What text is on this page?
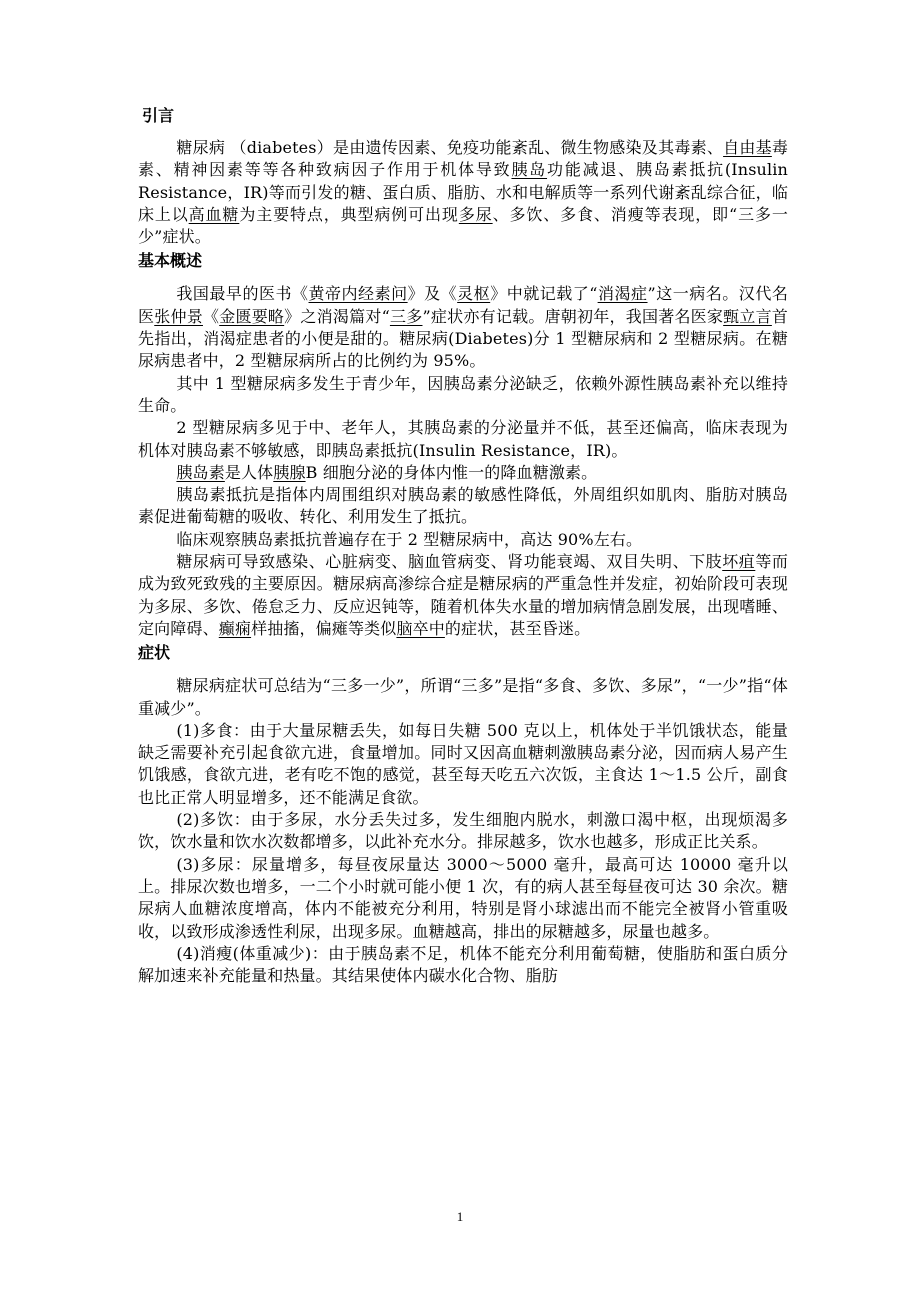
引言

糖尿病 （diabetes）是由遗传因素、免疫功能紊乱、微生物感染及其毒素、自由基毒素、精神因素等等各种致病因子作用于机体导致胰岛功能减退、胰岛素抵抗(Insulin Resistance，IR)等而引发的糖、蛋白质、脂肪、水和电解质等一系列代谢紊乱综合征，临床上以高血糖为主要特点，典型病例可出现多尿、多饮、多食、消瘦等表现，即“三多一少”症状。

基本概述

我国最早的医书《黄帝内经素问》及《灵枢》中就记载了“消渴症”这一病名。汉代名医张仲景《金匮要略》之消渴篇对“三多”症状亦有记载。唐朝初年，我国著名医家甄立言首先指出，消渴症患者的小便是甜的。糖尿病(Diabetes)分 1 型糖尿病和 2 型糖尿病。在糖尿病患者中，2 型糖尿病所占的比例约为 95%。

其中 1 型糖尿病多发生于青少年，因胰岛素分泌缺乏，依赖外源性胰岛素补充以维持生命。

2 型糖尿病多见于中、老年人，其胰岛素的分泌量并不低，甚至还偏高，临床表现为机体对胰岛素不够敏感，即胰岛素抵抗(Insulin Resistance，IR)。

胰岛素是人体胰腺B 细胞分泌的身体内惟一的降血糖激素。

胰岛素抵抗是指体内周围组织对胰岛素的敏感性降低，外周组织如肌肉、脂肪对胰岛素促进葡萄糖的吸收、转化、利用发生了抵抗。

临床观察胰岛素抵抗普遍存在于 2 型糖尿病中，高达 90%左右。

糖尿病可导致感染、心脏病变、脑血管病变、肾功能衰竭、双目失明、下肢坏疽等而成为致死致残的主要原因。糖尿病高渗综合症是糖尿病的严重急性并发症，初始阶段可表现为多尿、多饮、倦怠乏力、反应迟钝等，随着机体失水量的增加病情急剧发展，出现嗜睡、定向障碍、癫痫样抽搐，偏瘫等类似脑卒中的症状，甚至昏迷。

症状

糖尿病症状可总结为“三多一少”，所谓“三多”是指“多食、多饮、多尿”，“一少”指“体重减少”。

(1)多食：由于大量尿糖丢失，如每日失糖 500 克以上，机体处于半饥饿状态，能量缺乏需要补充引起食欲亢进，食量增加。同时又因高血糖刺激胰岛素分泌，因而病人易产生饥饿感，食欲亢进，老有吃不饱的感觉，甚至每天吃五六次饭，主食达 1～1.5 公斤，副食也比正常人明显增多，还不能满足食欲。

(2)多饮：由于多尿，水分丢失过多，发生细胞内脱水，刺激口渴中枢，出现烦渴多饮，饮水量和饮水次数都增多，以此补充水分。排尿越多，饮水也越多，形成正比关系。

(3)多尿：尿量增多，每昼夜尿量达 3000～5000 毫升，最高可达 10000 毫升以上。排尿次数也增多，一二个小时就可能小便 1 次，有的病人甚至每昼夜可达 30 余次。糖尿病人血糖浓度增高，体内不能被充分利用，特别是肾小球滤出而不能完全被肾小管重吸收，以致形成渗透性利尿，出现多尿。血糖越高，排出的尿糖越多，尿量也越多。

(4)消瘦(体重减少)：由于胰岛素不足，机体不能充分利用葡萄糖，使脂肪和蛋白质分解加速来补充能量和热量。其结果使体内碳水化合物、脂肪

1
